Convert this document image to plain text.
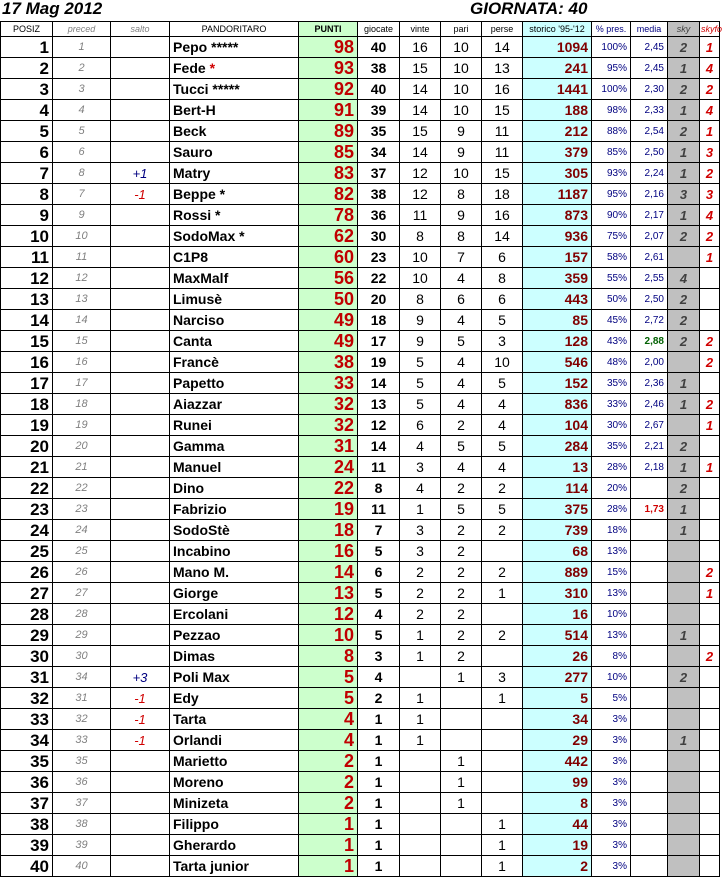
17 Mag 2012	GIORNATA: 40
POSIZ	preced	salto	PANDORITARO	PUNTI	giocate	vinte	pari	perse	storico '95-'12	% pres.	media	sky	skyfo
1	1		Pepo *****	98	40	16	10	14	1094	100%	2,45	2	1
2	2		Fede *	93	38	15	10	13	241	95%	2,45	1	4
3	3		Tucci *****	92	40	14	10	16	1441	100%	2,30	2	2
4	4		Bert-H	91	39	14	10	15	188	98%	2,33	1	4
5	5		Beck	89	35	15	9	11	212	88%	2,54	2	1
6	6		Sauro	85	34	14	9	11	379	85%	2,50	1	3
7	8	+1	Matry	83	37	12	10	15	305	93%	2,24	1	2
8	7	-1	Beppe *	82	38	12	8	18	1187	95%	2,16	3	3
9	9		Rossi *	78	36	11	9	16	873	90%	2,17	1	4
10	10		SodoMax *	62	30	8	8	14	936	75%	2,07	2	2
11	11		C1P8	60	23	10	7	6	157	58%	2,61		1
12	12		MaxMalf	56	22	10	4	8	359	55%	2,55	4	
13	13		Limusè	50	20	8	6	6	443	50%	2,50	2	
14	14		Narciso	49	18	9	4	5	85	45%	2,72	2	
15	15		Canta	49	17	9	5	3	128	43%	2,88	2	2
16	16		Francè	38	19	5	4	10	546	48%	2,00		2
17	17		Papetto	33	14	5	4	5	152	35%	2,36	1	
18	18		Aiazzar	32	13	5	4	4	836	33%	2,46	1	2
19	19		Runei	32	12	6	2	4	104	30%	2,67		1
20	20		Gamma	31	14	4	5	5	284	35%	2,21	2	
21	21		Manuel	24	11	3	4	4	13	28%	2,18	1	1
22	22		Dino	22	8	4	2	2	114	20%		2	
23	23		Fabrizio	19	11	1	5	5	375	28%	1,73	1	
24	24		SodoStè	18	7	3	2	2	739	18%		1	
25	25		Incabino	16	5	3	2		68	13%			
26	26		Mano M.	14	6	2	2	2	889	15%			2
27	27		Giorge	13	5	2	2	1	310	13%			1
28	28		Ercolani	12	4	2	2		16	10%			
29	29		Pezzao	10	5	1	2	2	514	13%		1	
30	30		Dimas	8	3	1	2		26	8%			2
31	34	+3	Poli Max	5	4		1	3	277	10%		2	
32	31	-1	Edy	5	2	1		1	5	5%			
33	32	-1	Tarta	4	1	1			34	3%			
34	33	-1	Orlandi	4	1	1			29	3%		1	
35	35		Marietto	2	1		1		442	3%			
36	36		Moreno	2	1		1		99	3%			
37	37		Minizeta	2	1		1		8	3%			
38	38		Filippo	1	1			1	44	3%			
39	39		Gherardo	1	1			1	19	3%			
40	40		Tarta junior	1	1			1	2	3%			
